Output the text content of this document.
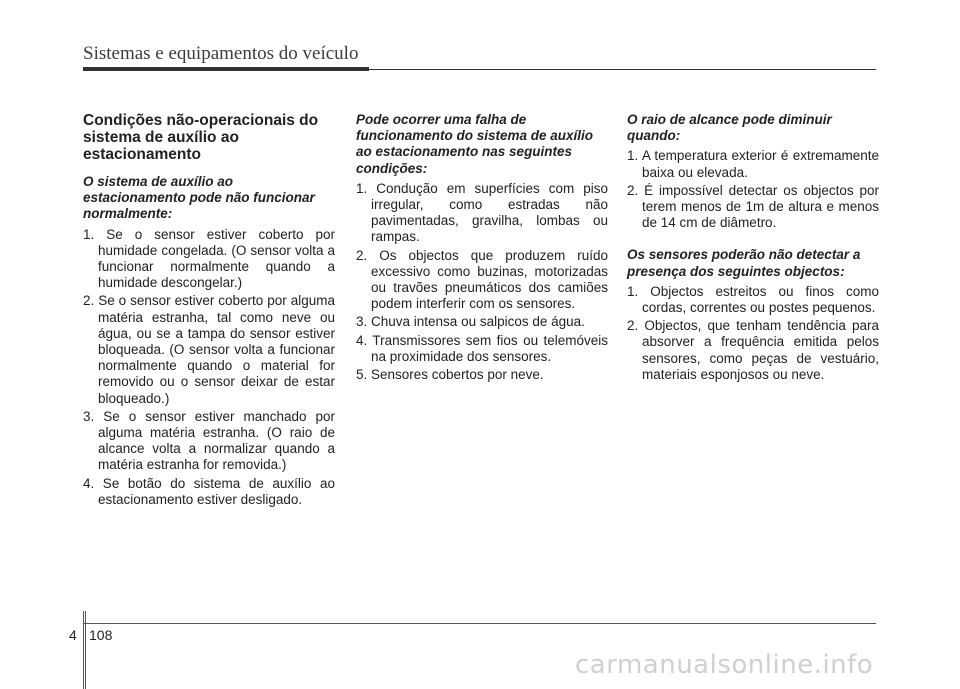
Sistemas e equipamentos do veículo
Condições não-operacionais do sistema de auxílio ao estacionamento

O sistema de auxílio ao estacionamento pode não funcionar normalmente:

1. Se o sensor estiver coberto por humidade congelada. (O sensor volta a funcionar normalmente quando a humidade descongelar.)
2. Se o sensor estiver coberto por alguma matéria estranha, tal como neve ou água, ou se a tampa do sensor estiver bloqueada. (O sensor volta a funcionar normalmente quando o material for removido ou o sensor deixar de estar bloqueado.)
3. Se o sensor estiver manchado por alguma matéria estranha. (O raio de alcance volta a normalizar quando a matéria estranha for removida.)
4. Se botão do sistema de auxílio ao estacionamento estiver desligado.

Pode ocorrer uma falha de funcionamento do sistema de auxílio ao estacionamento nas seguintes condições:

1. Condução em superfícies com piso irregular, como estradas não pavimentadas, gravilha, lombas ou rampas.
2. Os objectos que produzem ruído excessivo como buzinas, motorizadas ou travões pneumáticos dos camiões podem interferir com os sensores.
3. Chuva intensa ou salpicos de água.
4. Transmissores sem fios ou telemóveis na proximidade dos sensores.
5. Sensores cobertos por neve.

O raio de alcance pode diminuir quando:

1. A temperatura exterior é extremamente baixa ou elevada.
2. É impossível detectar os objectos por terem menos de 1m de altura e menos de 14 cm de diâmetro.

Os sensores poderão não detectar a presença dos seguintes objectos:

1. Objectos estreitos ou finos como cordas, correntes ou postes pequenos.
2. Objectos, que tenham tendência para absorver a frequência emitida pelos sensores, como peças de vestuário, materiais esponjosos ou neve.
4 108
carmanualsonline.info
